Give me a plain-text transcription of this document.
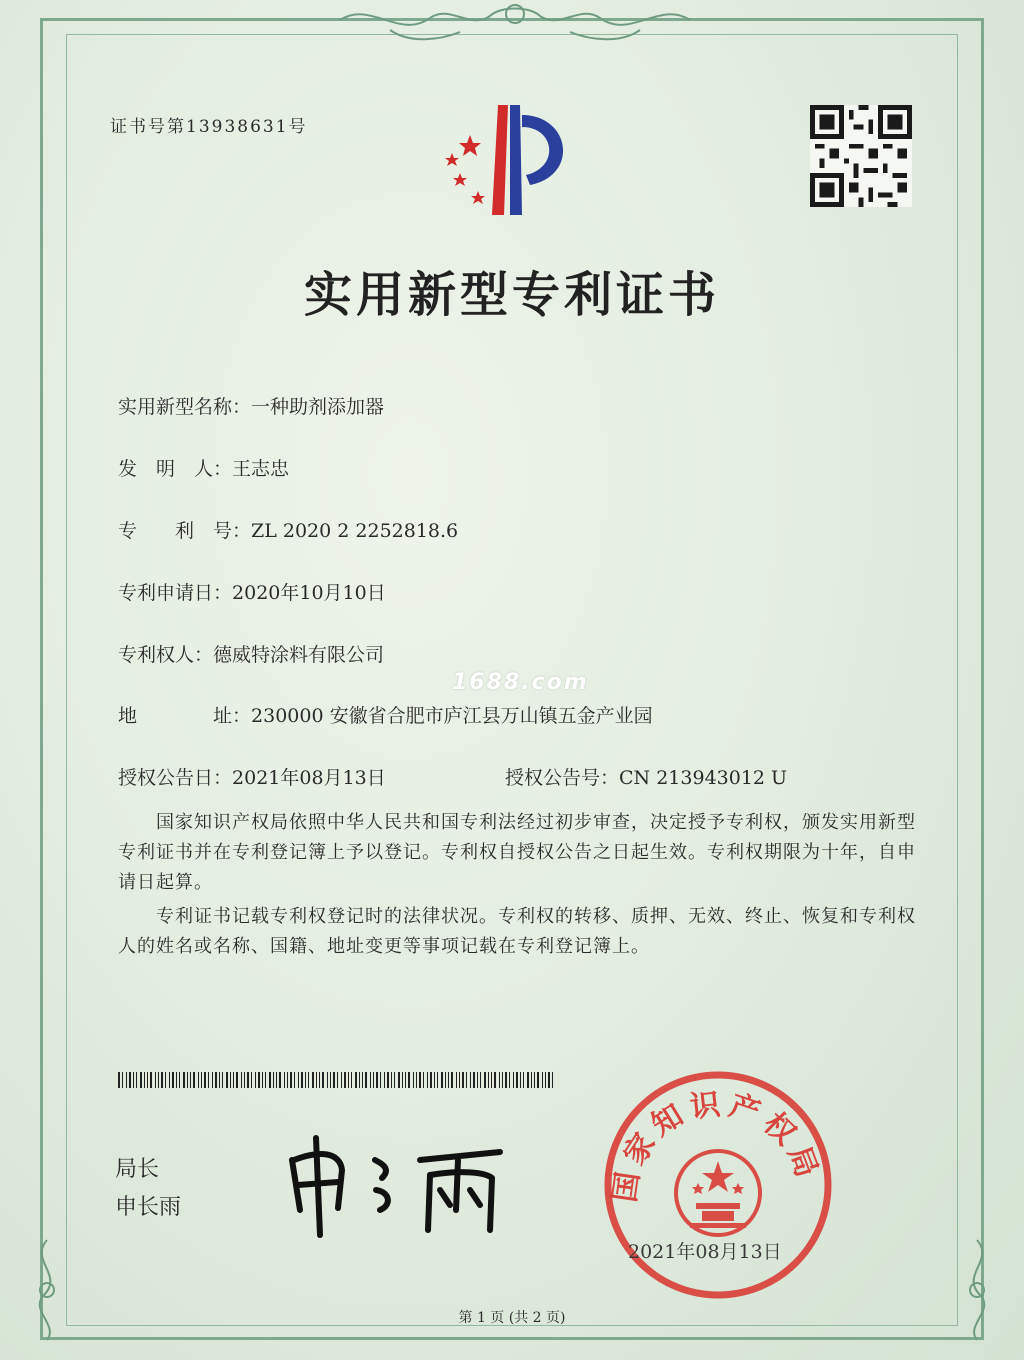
证书号第13938631号
实用新型专利证书
实用新型名称：一种助剂添加器
发　明　人：王志忠
专　　利　号：ZL 2020 2 2252818.6
专利申请日：2020年10月10日
专利权人：德威特涂料有限公司
地　　　　址：230000 安徽省合肥市庐江县万山镇五金产业园
授权公告日：2021年08月13日	授权公告号：CN 213943012 U
1688.com
国家知识产权局依照中华人民共和国专利法经过初步审查，决定授予专利权，颁发实用新型专利证书并在专利登记簿上予以登记。专利权自授权公告之日起生效。专利权期限为十年，自申请日起算。
专利证书记载专利权登记时的法律状况。专利权的转移、质押、无效、终止、恢复和专利权人的姓名或名称、国籍、地址变更等事项记载在专利登记簿上。
局长
申长雨
国家知识产权局
2021年08月13日
第 1 页 (共 2 页)
